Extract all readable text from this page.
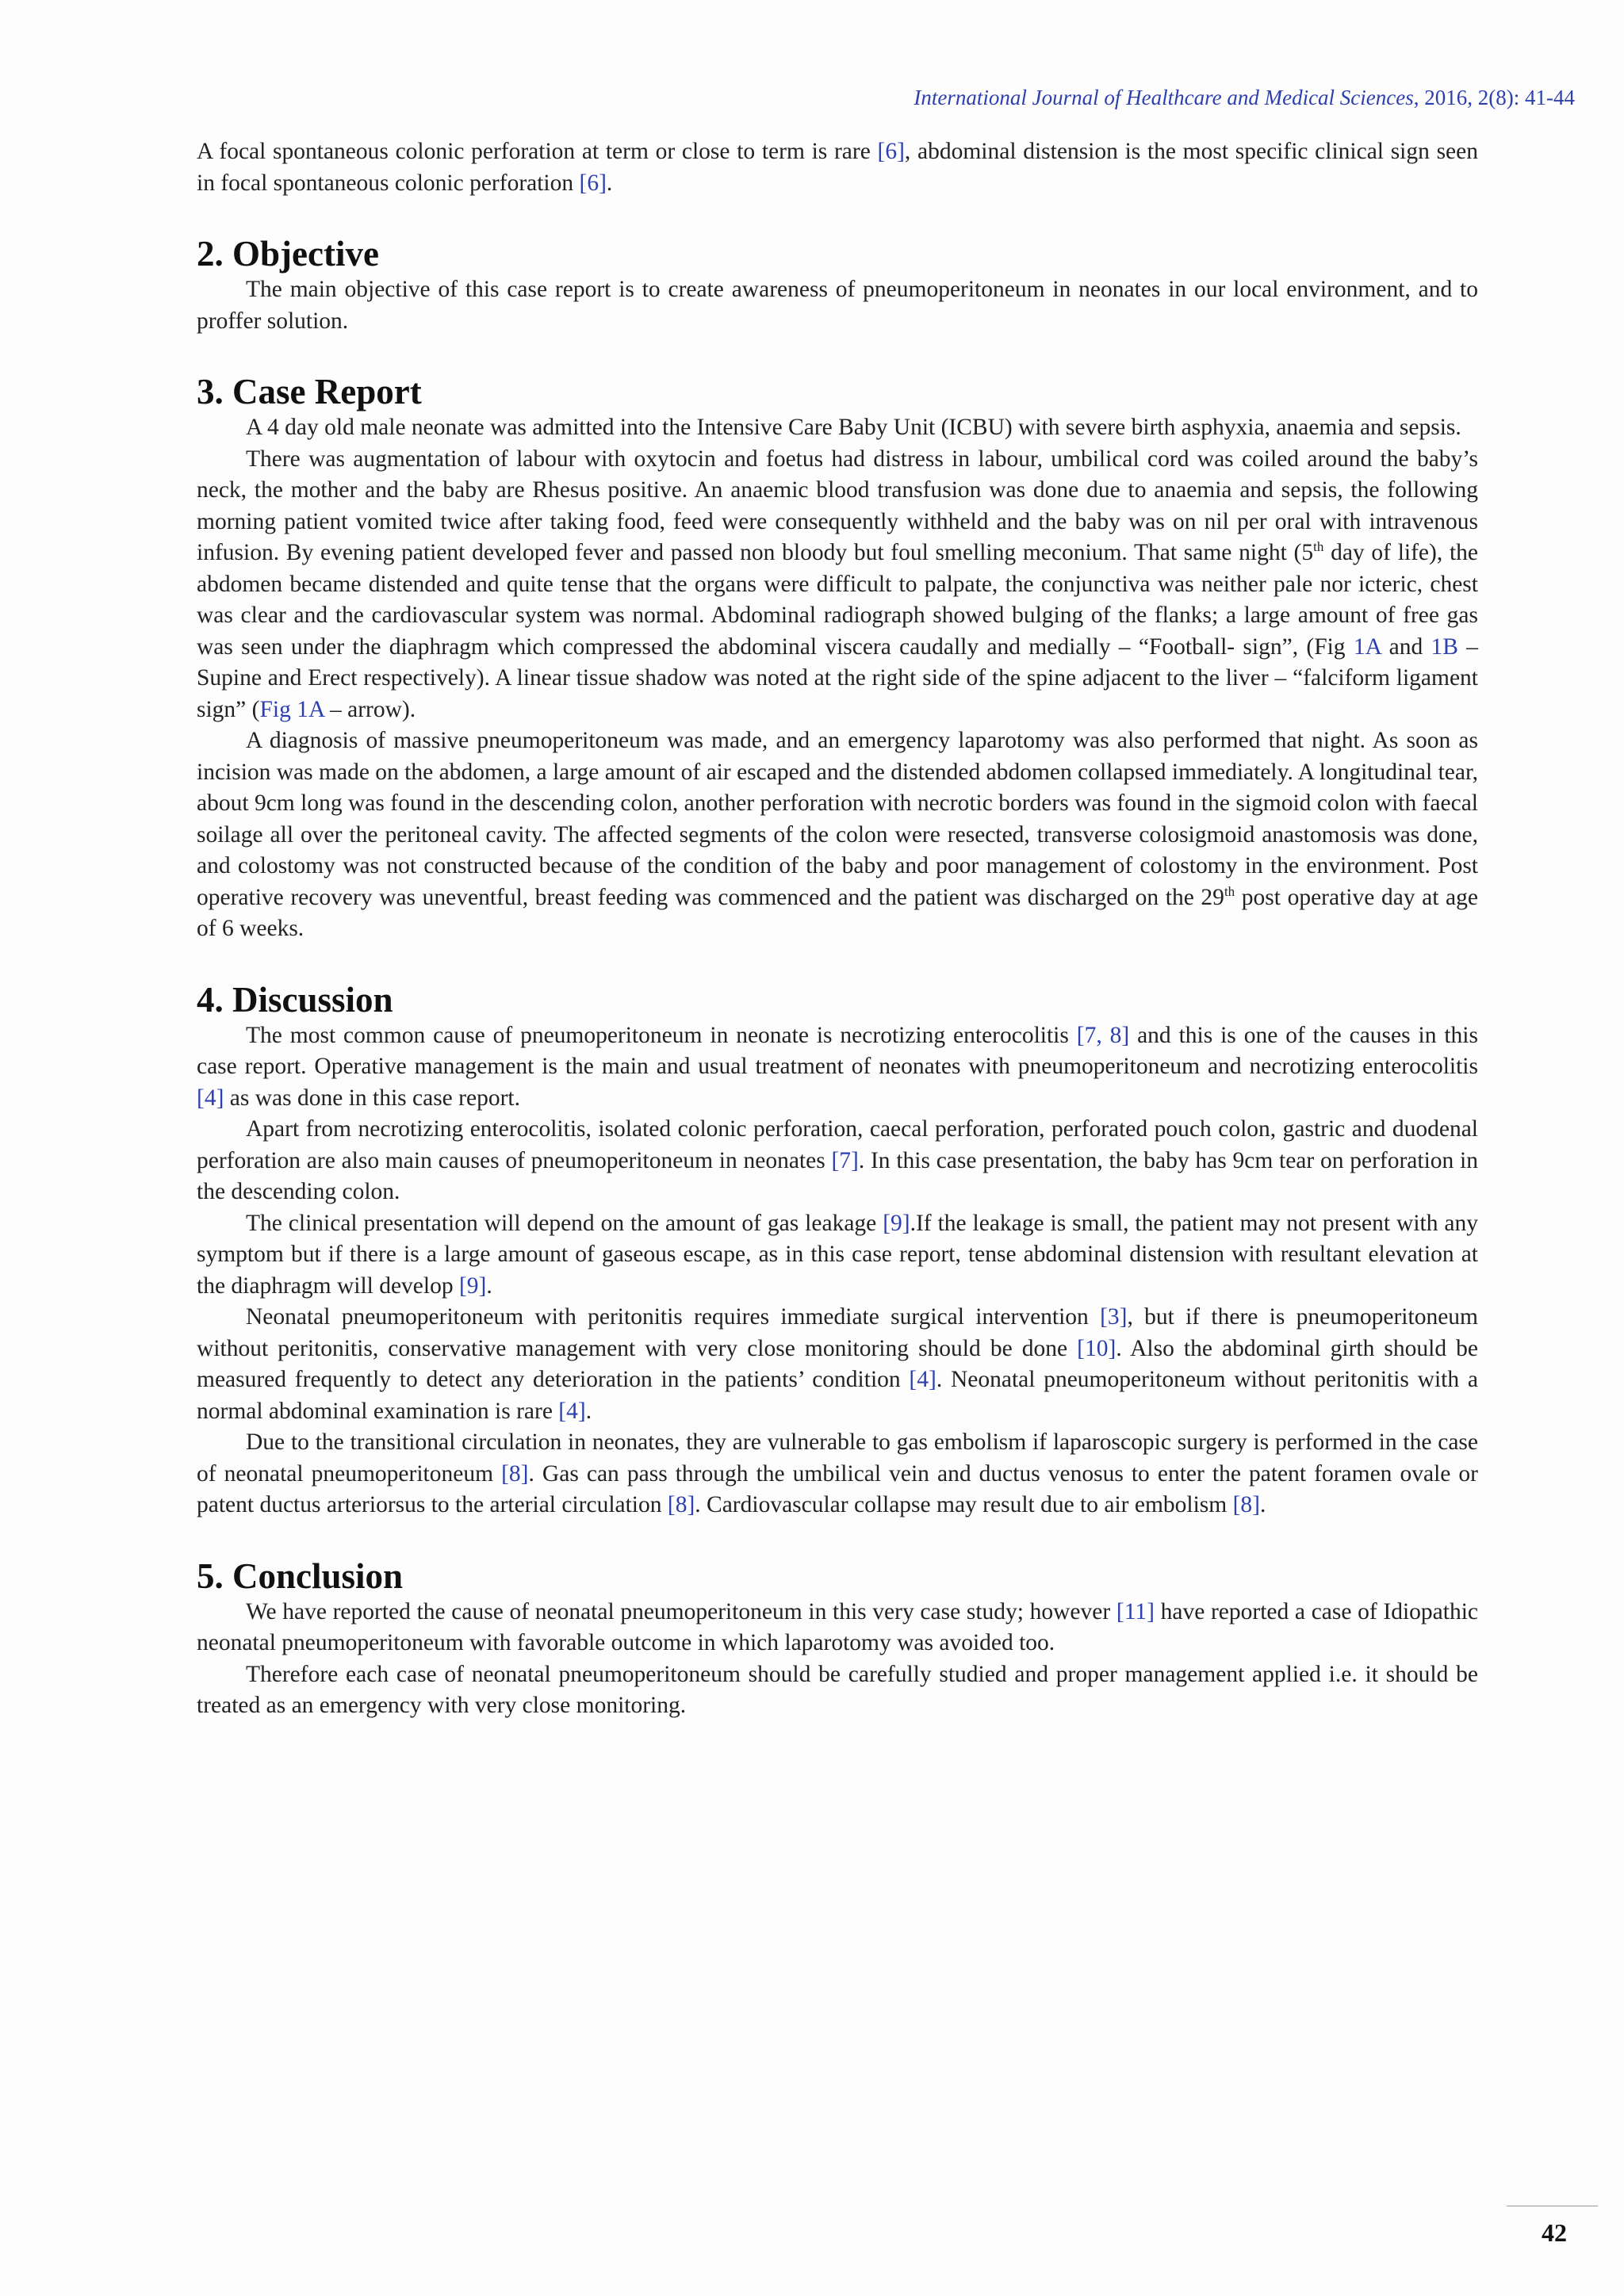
International Journal of Healthcare and Medical Sciences, 2016, 2(8): 41-44

A focal spontaneous colonic perforation at term or close to term is rare [6], abdominal distension is the most specific clinical sign seen in focal spontaneous colonic perforation [6].

2. Objective

The main objective of this case report is to create awareness of pneumoperitoneum in neonates in our local environment, and to proffer solution.

3. Case Report

A 4 day old male neonate was admitted into the Intensive Care Baby Unit (ICBU) with severe birth asphyxia, anaemia and sepsis.

There was augmentation of labour with oxytocin and foetus had distress in labour, umbilical cord was coiled around the baby’s neck, the mother and the baby are Rhesus positive. An anaemic blood transfusion was done due to anaemia and sepsis, the following morning patient vomited twice after taking food, feed were consequently withheld and the baby was on nil per oral with intravenous infusion. By evening patient developed fever and passed non bloody but foul smelling meconium. That same night (5th day of life), the abdomen became distended and quite tense that the organs were difficult to palpate, the conjunctiva was neither pale nor icteric, chest was clear and the cardiovascular system was normal. Abdominal radiograph showed bulging of the flanks; a large amount of free gas was seen under the diaphragm which compressed the abdominal viscera caudally and medially – “Football- sign”, (Fig 1A and 1B – Supine and Erect respectively). A linear tissue shadow was noted at the right side of the spine adjacent to the liver – “falciform ligament sign” (Fig 1A – arrow).

A diagnosis of massive pneumoperitoneum was made, and an emergency laparotomy was also performed that night. As soon as incision was made on the abdomen, a large amount of air escaped and the distended abdomen collapsed immediately. A longitudinal tear, about 9cm long was found in the descending colon, another perforation with necrotic borders was found in the sigmoid colon with faecal soilage all over the peritoneal cavity. The affected segments of the colon were resected, transverse colosigmoid anastomosis was done, and colostomy was not constructed because of the condition of the baby and poor management of colostomy in the environment. Post operative recovery was uneventful, breast feeding was commenced and the patient was discharged on the 29th post operative day at age of 6 weeks.

4. Discussion

The most common cause of pneumoperitoneum in neonate is necrotizing enterocolitis [7, 8] and this is one of the causes in this case report. Operative management is the main and usual treatment of neonates with pneumoperitoneum and necrotizing enterocolitis [4] as was done in this case report.

Apart from necrotizing enterocolitis, isolated colonic perforation, caecal perforation, perforated pouch colon, gastric and duodenal perforation are also main causes of pneumoperitoneum in neonates [7]. In this case presentation, the baby has 9cm tear on perforation in the descending colon.

The clinical presentation will depend on the amount of gas leakage [9].If the leakage is small, the patient may not present with any symptom but if there is a large amount of gaseous escape, as in this case report, tense abdominal distension with resultant elevation at the diaphragm will develop [9].

Neonatal pneumoperitoneum with peritonitis requires immediate surgical intervention [3], but if there is pneumoperitoneum without peritonitis, conservative management with very close monitoring should be done [10]. Also the abdominal girth should be measured frequently to detect any deterioration in the patients’ condition [4]. Neonatal pneumoperitoneum without peritonitis with a normal abdominal examination is rare [4].

Due to the transitional circulation in neonates, they are vulnerable to gas embolism if laparoscopic surgery is performed in the case of neonatal pneumoperitoneum [8]. Gas can pass through the umbilical vein and ductus venosus to enter the patent foramen ovale or patent ductus arteriorsus to the arterial circulation [8]. Cardiovascular collapse may result due to air embolism [8].

5. Conclusion

We have reported the cause of neonatal pneumoperitoneum in this very case study; however [11] have reported a case of Idiopathic neonatal pneumoperitoneum with favorable outcome in which laparotomy was avoided too.

Therefore each case of neonatal pneumoperitoneum should be carefully studied and proper management applied i.e. it should be treated as an emergency with very close monitoring.

42
